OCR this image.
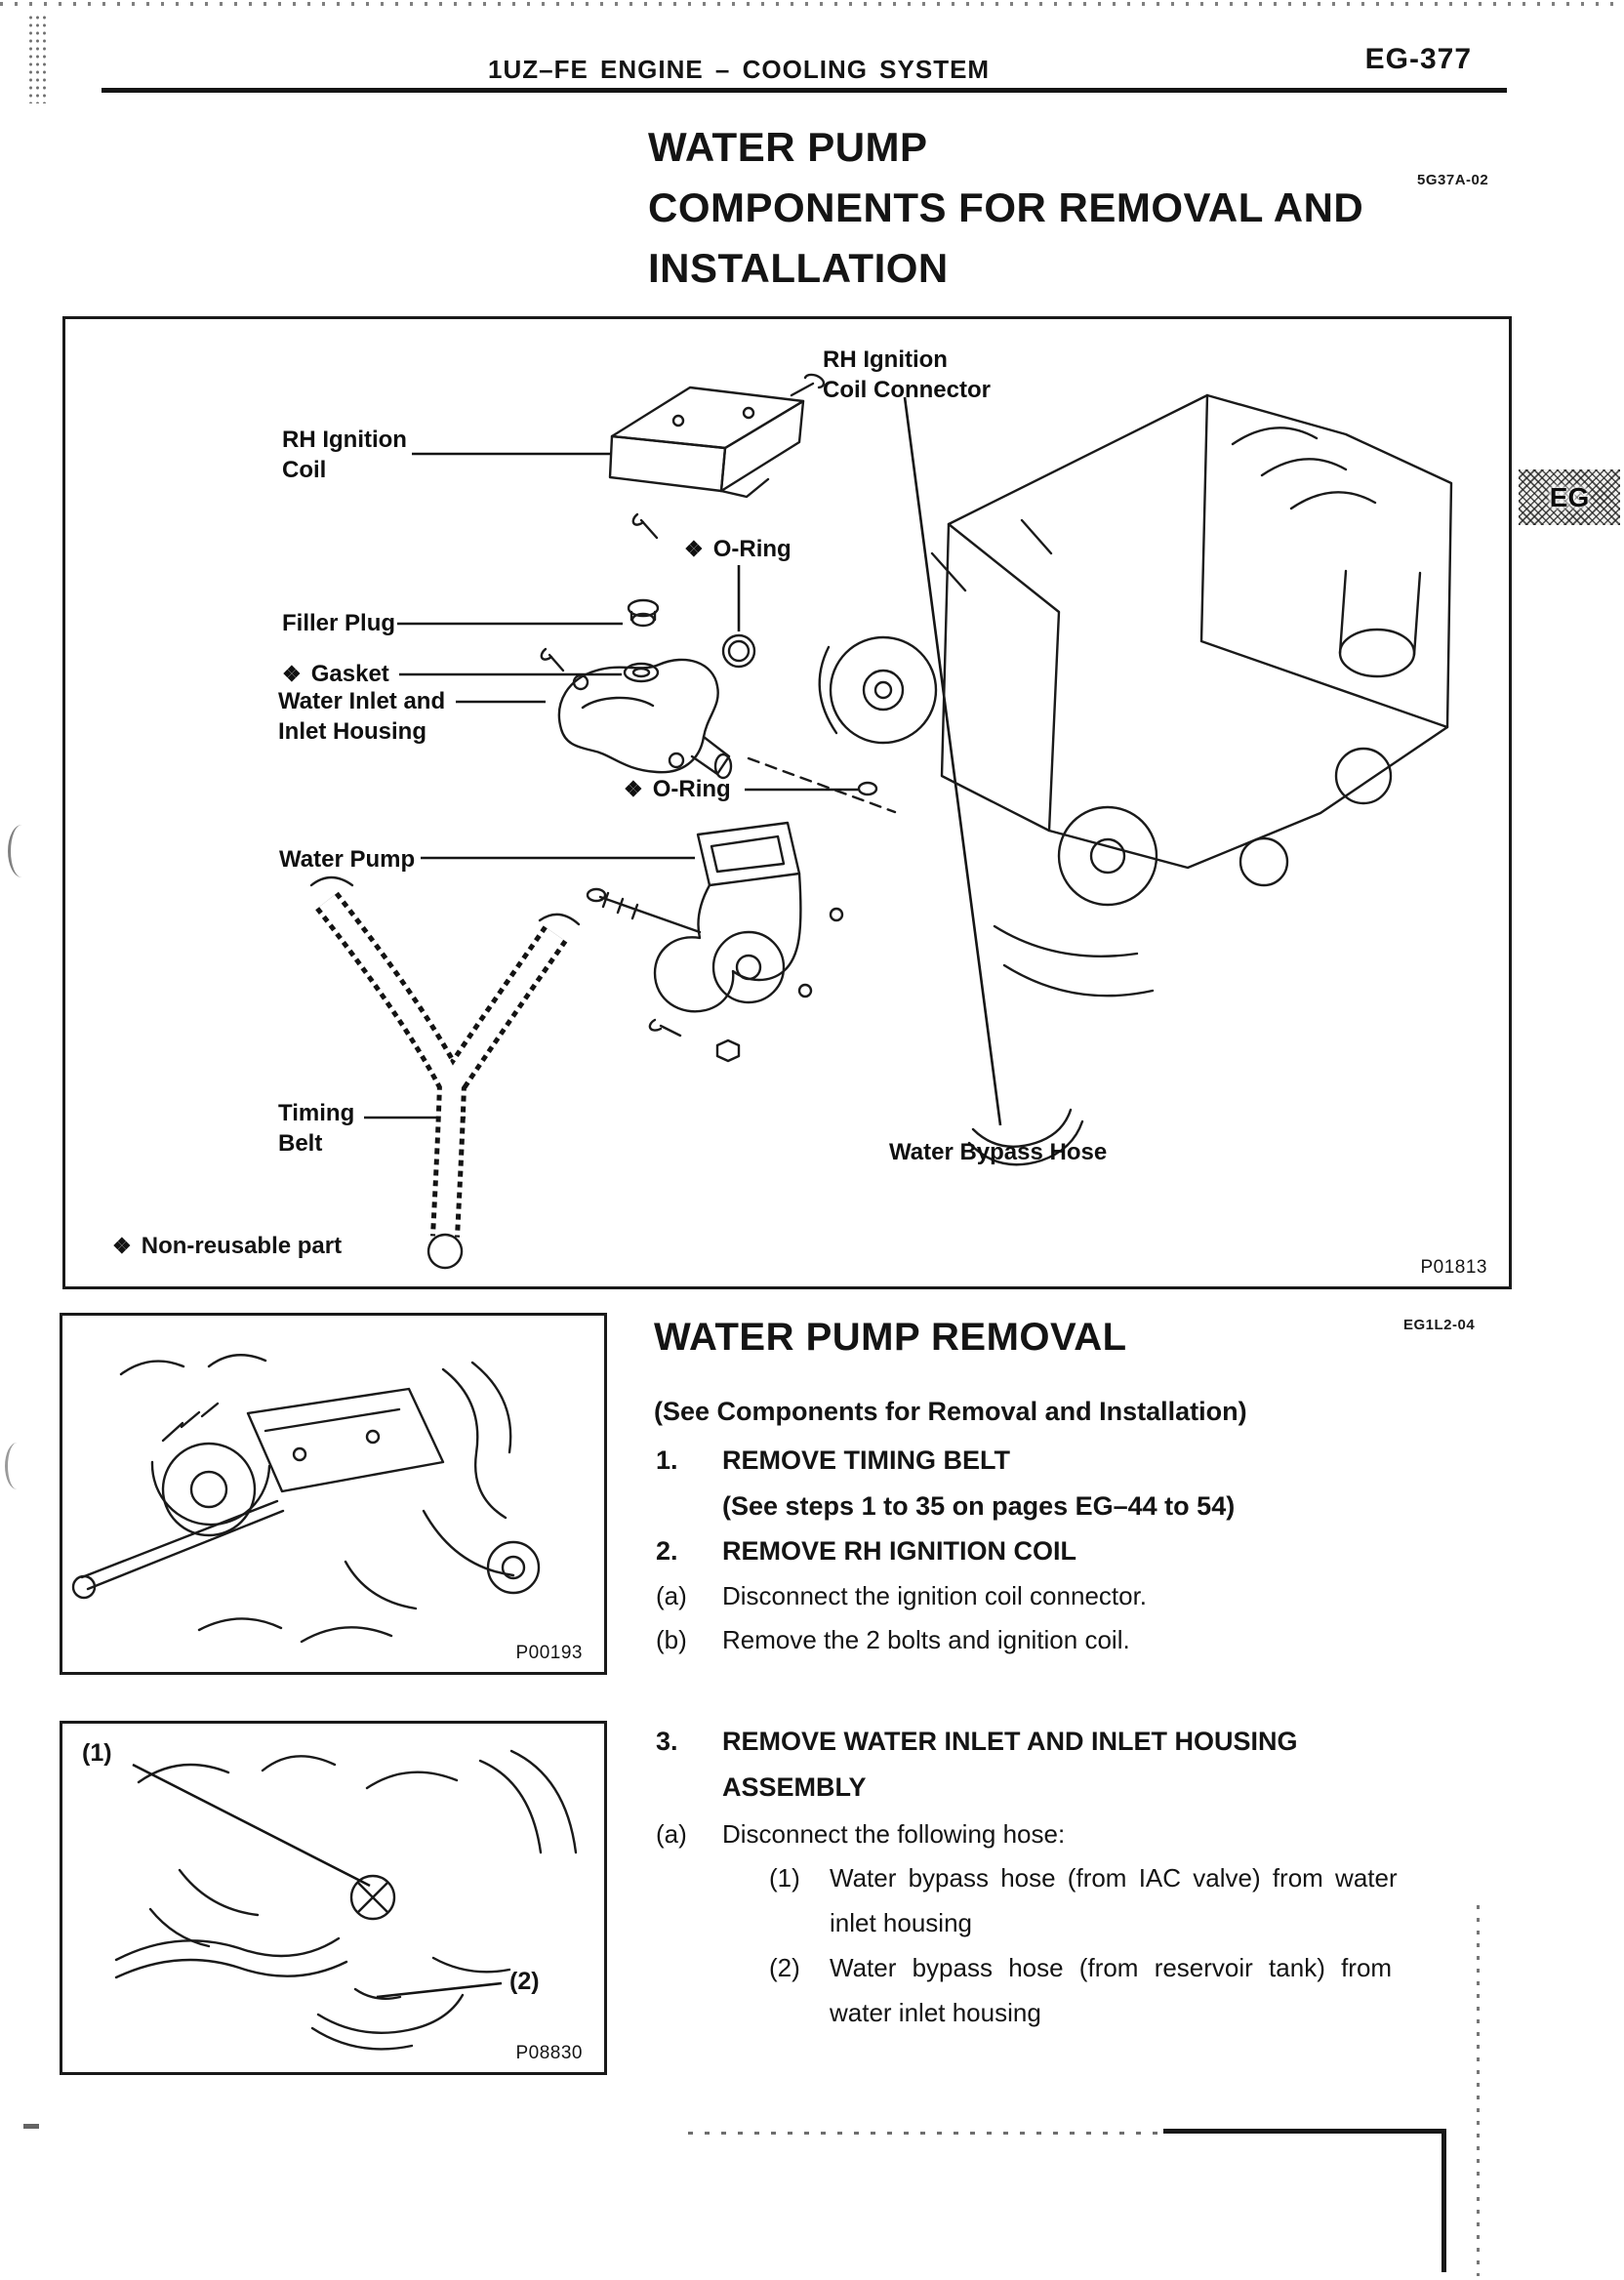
1UZ–FE ENGINE – COOLING SYSTEM	EG-377
WATER PUMP
COMPONENTS FOR REMOVAL AND
INSTALLATION
5G37A-02
EG
RH Ignition
Coil
RH Ignition
Coil Connector
❖ O-Ring
Filler Plug
❖ Gasket
Water Inlet and
Inlet Housing
❖ O-Ring
Water Pump
Timing
Belt	Water Bypass Hose
❖ Non-reusable part
P01813
WATER PUMP REMOVAL	EG1L2-04
(See Components for Removal and Installation)
1.	REMOVE TIMING BELT
(See steps 1 to 35 on pages EG–44 to 54)
2.	REMOVE RH IGNITION COIL
(a)	Disconnect the ignition coil connector.
(b)	Remove the 2 bolts and ignition coil.
3.	REMOVE WATER INLET AND INLET HOUSING
ASSEMBLY
(a)	Disconnect the following hose:
(1)	Water bypass hose (from IAC valve) from water
inlet housing
(2)	Water bypass hose (from reservoir tank) from
water inlet housing
P00193
(1)
(2)
P08830
